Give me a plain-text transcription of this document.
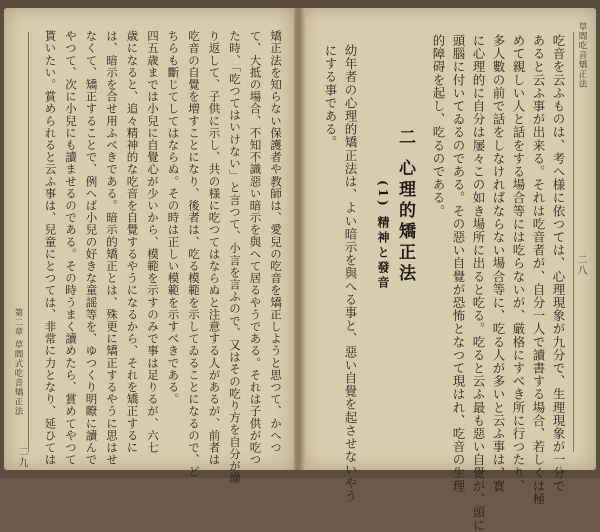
草間吃音矯正法
二八
吃音を云ふものは、考へ様に依つては、心理現象が九分で、生理現象が一分で
あると云ふ事が出来る。それは吃音者が、自分一人で讀書する場合、若しくは極
めて親しい人と話をする場合等には吃らないが、厳格にすべき所に行つたり、
多人數の前で話をしなければならない場合等に、吃る人が多いと云ふ事は、實
に心理的に自分は屡々この如き場所に出ると吃る。吃ると云ふ最も惡い自覺が、頭に
頭腦に付いてゐるのである。その惡い自覺が恐怖となつて現はれ、吃音の生理
的障碍を起し、吃るのである。
二 心理的矯正法
(1) 精神と發音
幼年者の心理的矯正法は、よい暗示を與へる事と、惡い自覺を起させないやう
にする事である。
第二章 草間式吃音矯正法
二九
矯正法を知らない保護者や教師は、愛兒の吃音を矯正しようと思つて、かへつ
て、大抵の場合、不知不識惡い暗示を與へて居るやうである。それは子供が吃つ
た時、「吃つてはいけない」と言つて、小言を言ふので、又はその吃り方を自分が繰
り返して、子供に示し、共の様に吃つてはならぬと注意する人があるが、前者は
吃音の自覺を増すことになり、後者は、吃る模範を示してゐることになるので、ど
ちらも斷じてしてはならぬ。その時は正しい模範を示すべきである。
四五歳までは小兒に自覺心が少いから、模範を示すのみで事は足りるが、六七
歳になると、追々精神的な吃音を自覺するやうになるから、それを矯正するに
は、暗示を合せ用ふべきである。暗示的矯正とは、殊更に矯正するやうに思はせ
なくて、矯正することで、例へば小兒の好きな童謡等を、ゆつくり明瞭に讀んで
やつて、次に小兒にも讀ませるのである。その時うまく讀めたら、賞めてやつて
貰いたい。賞められると云ふ事は、兒童にとつては、非常に力となり、延ひては
